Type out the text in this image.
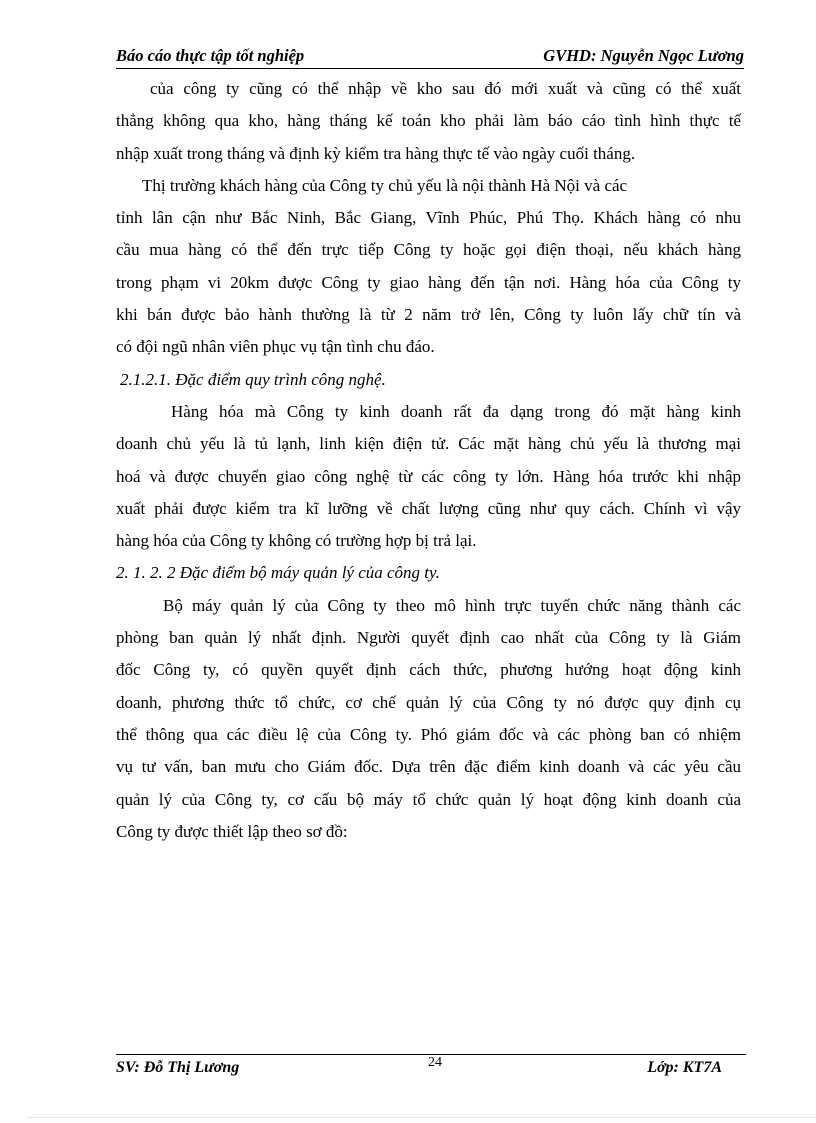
Báo cáo thực tập tốt nghiệp	GVHD: Nguyễn Ngọc Lương
của công ty cũng có thể nhập về kho sau đó mới xuất và cũng có thể xuất
thẳng không qua kho, hàng tháng kế toán kho phải làm báo cáo tình hình thực tế
nhập xuất trong tháng và định kỳ kiểm tra hàng thực tế vào ngày cuối tháng.
Thị trường khách hàng của Công ty chủ yếu là nội thành Hà Nội và các
tỉnh lân cận như Bắc Ninh, Bắc Giang, Vĩnh Phúc, Phú Thọ. Khách hàng có nhu
cầu mua hàng có thể đến trực tiếp Công ty hoặc gọi điện thoại, nếu khách hàng
trong phạm vi 20km được Công ty giao hàng đến tận nơi. Hàng hóa của Công ty
khi bán được bảo hành thường là từ 2 năm trở lên, Công ty luôn lấy chữ tín và
có đội ngũ nhân viên phục vụ tận tình chu đáo.
2.1.2.1. Đặc điểm quy trình công nghệ.
Hàng hóa mà Công ty kinh doanh rất đa dạng trong đó mặt hàng kinh
doanh chủ yếu là tủ lạnh, linh kiện điện tử. Các mặt hàng chủ yếu là thương mại
hoá và được chuyển giao công nghệ từ các công ty lớn. Hàng hóa trước khi nhập
xuất phải được kiểm tra kĩ lưỡng về chất lượng cũng như quy cách. Chính vì vậy
hàng hóa của Công ty không có trường hợp bị trả lại.
2. 1. 2. 2 Đặc điểm bộ máy quản lý của công ty.
Bộ máy quản lý của Công ty theo mô hình trực tuyến chức năng thành các
phòng ban quản lý nhất định. Người quyết định cao nhất của Công ty là Giám
đốc Công ty, có quyền quyết định cách thức, phương hướng hoạt động kinh
doanh, phương thức tổ chức, cơ chế quản lý của Công ty nó được quy định cụ
thể thông qua các điều lệ của Công ty. Phó giám đốc và các phòng ban có nhiệm
vụ tư vấn, ban mưu cho Giám đốc. Dựa trên đặc điểm kinh doanh và các yêu cầu
quản lý của Công ty, cơ cấu bộ máy tổ chức quản lý hoạt động kinh doanh của
Công ty được thiết lập theo sơ đồ:
SV: Đỗ Thị Lương	24	Lớp: KT7A
